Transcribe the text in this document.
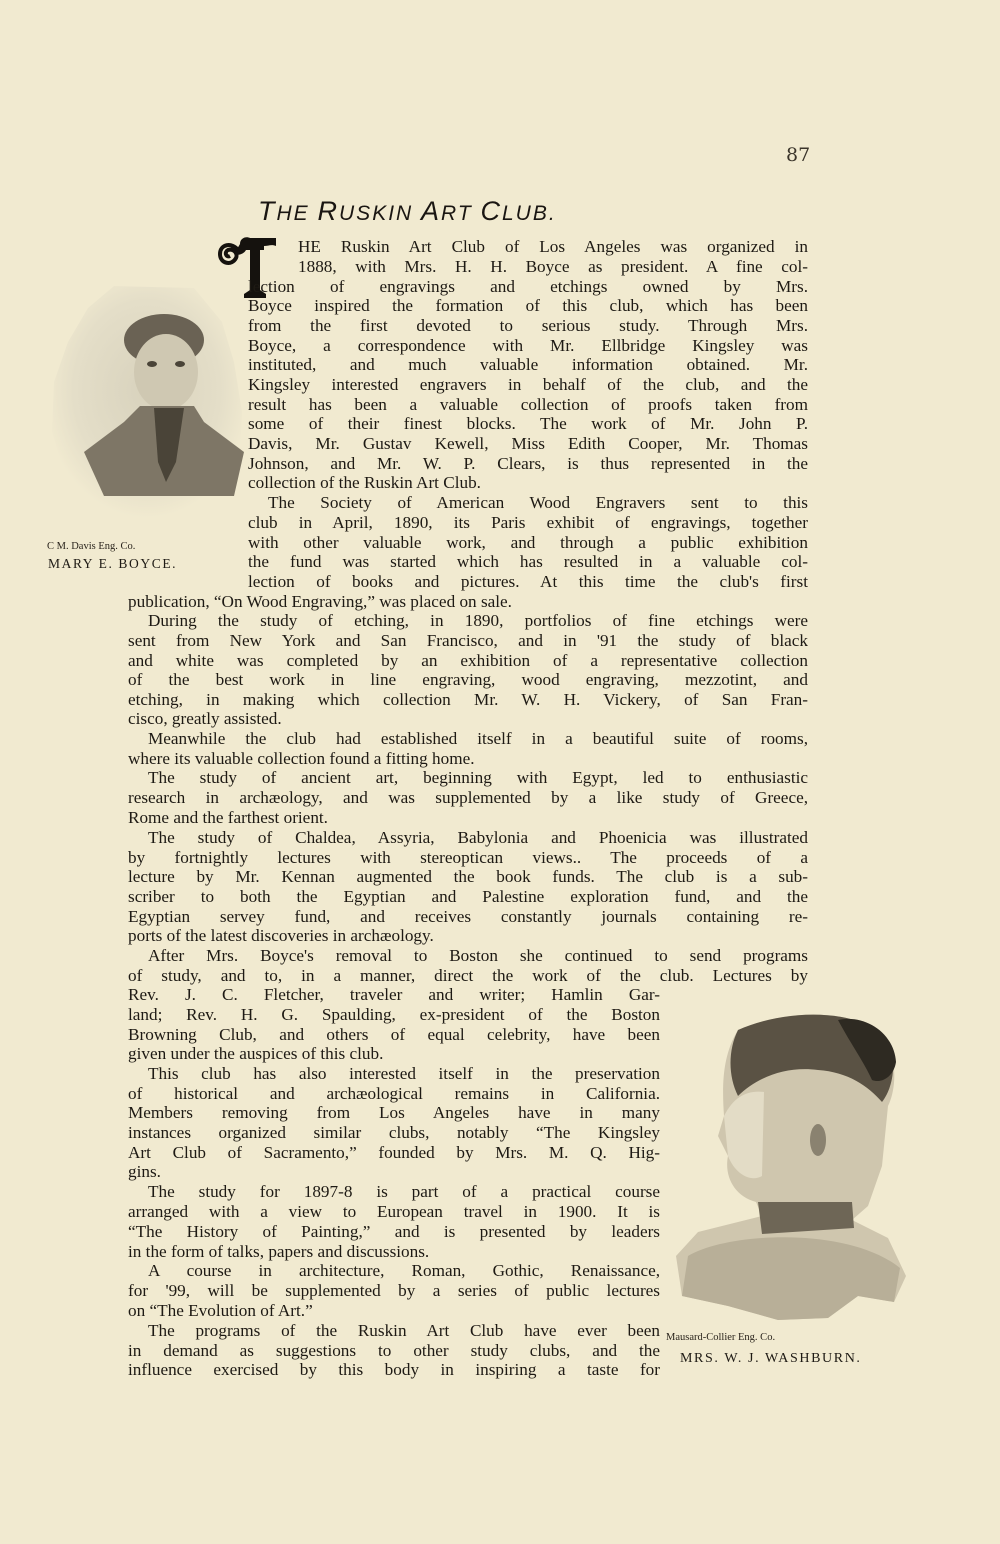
87
THE RUSKIN ART CLUB.
C M. Davis Eng. Co.
MARY E. BOYCE.
Mausard-Collier Eng. Co.
MRS. W. J. WASHBURN.
HE Ruskin Art Club of Los Angeles was organized in
1888, with Mrs. H. H. Boyce as president. A fine col-
lection of engravings and etchings owned by Mrs.
Boyce inspired the formation of this club, which has been
from the first devoted to serious study. Through Mrs.
Boyce, a correspondence with Mr. Ellbridge Kingsley was
instituted, and much valuable information obtained. Mr.
Kingsley interested engravers in behalf of the club, and the
result has been a valuable collection of proofs taken from
some of their finest blocks. The work of Mr. John P.
Davis, Mr. Gustav Kewell, Miss Edith Cooper, Mr. Thomas
Johnson, and Mr. W. P. Clears, is thus represented in the
collection of the Ruskin Art Club.
The Society of American Wood Engravers sent to this
club in April, 1890, its Paris exhibit of engravings, together
with other valuable work, and through a public exhibition
the fund was started which has resulted in a valuable col-
lection of books and pictures. At this time the club's first
publication, “On Wood Engraving,” was placed on sale.
During the study of etching, in 1890, portfolios of fine etchings were
sent from New York and San Francisco, and in '91 the study of black
and white was completed by an exhibition of a representative collection
of the best work in line engraving, wood engraving, mezzotint, and
etching, in making which collection Mr. W. H. Vickery, of San Fran-
cisco, greatly assisted.
Meanwhile the club had established itself in a beautiful suite of rooms,
where its valuable collection found a fitting home.
The study of ancient art, beginning with Egypt, led to enthusiastic
research in archæology, and was supplemented by a like study of Greece,
Rome and the farthest orient.
The study of Chaldea, Assyria, Babylonia and Phoenicia was illustrated
by fortnightly lectures with stereoptican views.. The proceeds of a
lecture by Mr. Kennan augmented the book funds. The club is a sub-
scriber to both the Egyptian and Palestine exploration fund, and the
Egyptian servey fund, and receives constantly journals containing re-
ports of the latest discoveries in archæology.
After Mrs. Boyce's removal to Boston she continued to send programs
of study, and to, in a manner, direct the work of the club. Lectures by
Rev. J. C. Fletcher, traveler and writer; Hamlin Gar-
land; Rev. H. G. Spaulding, ex-president of the Boston
Browning Club, and others of equal celebrity, have been
given under the auspices of this club.
This club has also interested itself in the preservation
of historical and archæological remains in California.
Members removing from Los Angeles have in many
instances organized similar clubs, notably “The Kingsley
Art Club of Sacramento,” founded by Mrs. M. Q. Hig-
gins.
The study for 1897-8 is part of a practical course
arranged with a view to European travel in 1900. It is
“The History of Painting,” and is presented by leaders
in the form of talks, papers and discussions.
A course in architecture, Roman, Gothic, Renaissance,
for '99, will be supplemented by a series of public lectures
on “The Evolution of Art.”
The programs of the Ruskin Art Club have ever been
in demand as suggestions to other study clubs, and the
influence exercised by this body in inspiring a taste for
